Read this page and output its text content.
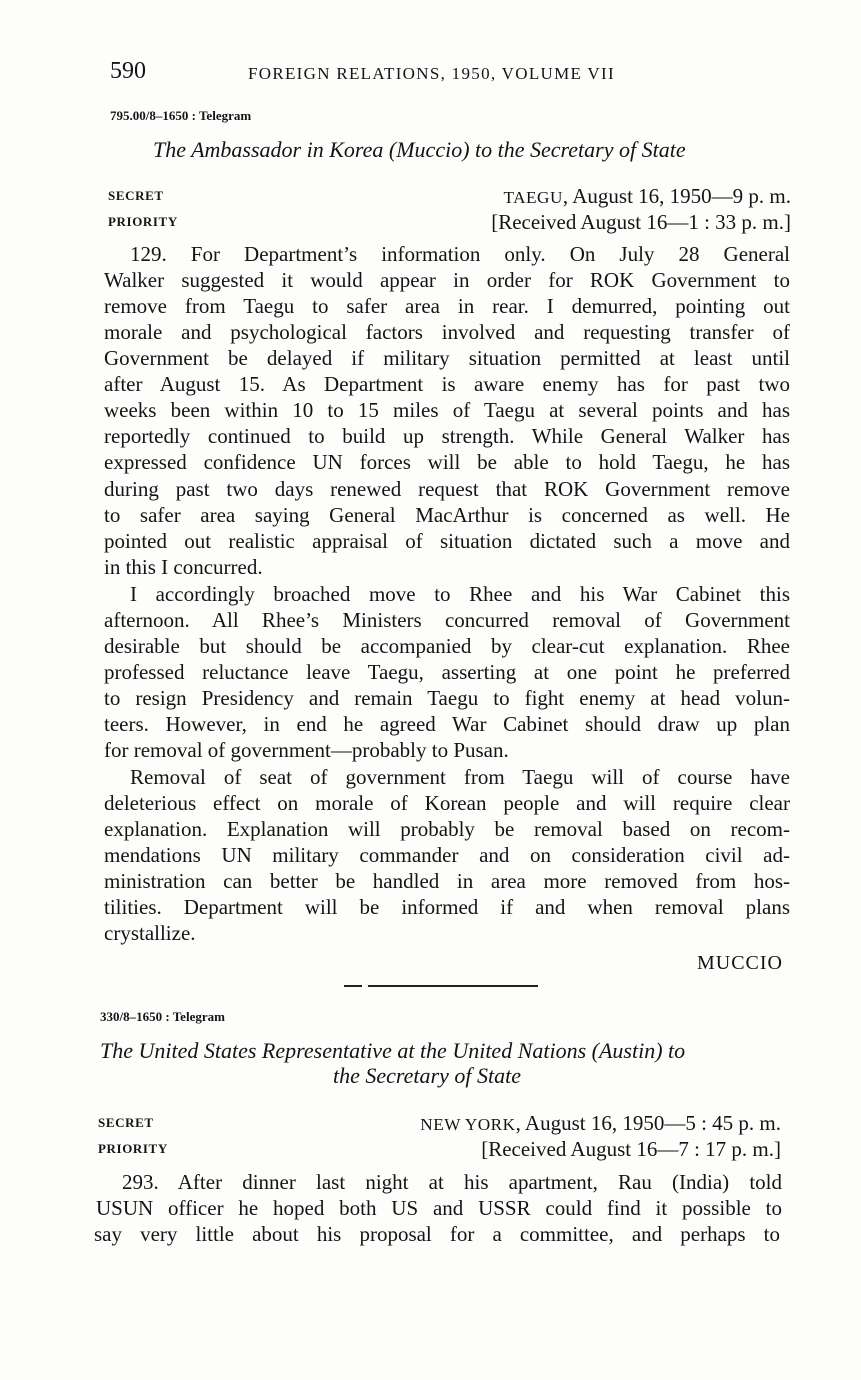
590	FOREIGN RELATIONS, 1950, VOLUME VII
795.00/8–1650 : Telegram
The Ambassador in Korea (Muccio) to the Secretary of State
SECRET
PRIORITY
TAEGU, August 16, 1950—9 p. m.
[Received August 16—1 : 33 p. m.]
129. For Department’s information only. On July 28 General
Walker suggested it would appear in order for ROK Government to
remove from Taegu to safer area in rear. I demurred, pointing out
morale and psychological factors involved and requesting transfer of
Government be delayed if military situation permitted at least until
after August 15. As Department is aware enemy has for past two
weeks been within 10 to 15 miles of Taegu at several points and has
reportedly continued to build up strength. While General Walker has
expressed confidence UN forces will be able to hold Taegu, he has
during past two days renewed request that ROK Government remove
to safer area saying General MacArthur is concerned as well. He
pointed out realistic appraisal of situation dictated such a move and
in this I concurred.
I accordingly broached move to Rhee and his War Cabinet this
afternoon. All Rhee’s Ministers concurred removal of Government
desirable but should be accompanied by clear-cut explanation. Rhee
professed reluctance leave Taegu, asserting at one point he preferred
to resign Presidency and remain Taegu to fight enemy at head volun-
teers. However, in end he agreed War Cabinet should draw up plan
for removal of government—probably to Pusan.
Removal of seat of government from Taegu will of course have
deleterious effect on morale of Korean people and will require clear
explanation. Explanation will probably be removal based on recom-
mendations UN military commander and on consideration civil ad-
ministration can better be handled in area more removed from hos-
tilities. Department will be informed if and when removal plans
crystallize.
MUCCIO
330/8–1650 : Telegram
The United States Representative at the United Nations (Austin) to
the Secretary of State
SECRET
PRIORITY
NEW YORK, August 16, 1950—5 : 45 p. m.
[Received August 16—7 : 17 p. m.]
293. After dinner last night at his apartment, Rau (India) told
USUN officer he hoped both US and USSR could find it possible to
say very little about his proposal for a committee, and perhaps to
